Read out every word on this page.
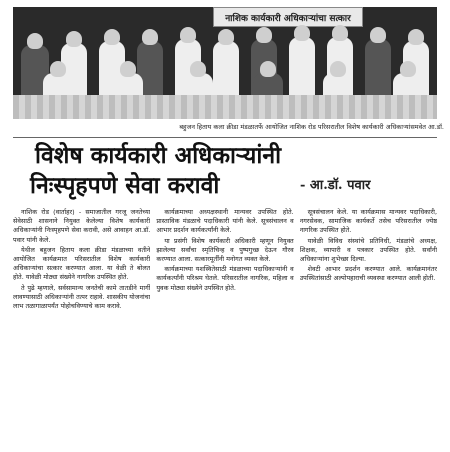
नाशिक कार्यकारी अधिकाऱ्यांचा सत्कार
बहुजन हिताय कला क्रीडा मंडळातर्फे आयोजित नाशिक रोड परिसरातील विशेष कार्यकारी अधिकाऱ्यांसमवेत आ.डॉ.
विशेष कार्यकारी अधिकाऱ्यांनी
निःस्पृहपणे सेवा करावी	- आ.डॉ. पवार

नाशिक रोड (वार्ताहर) - समाजातील गरजू जनतेच्या सेवेसाठी शासनाने नियुक्त केलेल्या विशेष कार्यकारी अधिकाऱ्यांनी निःस्पृहपणे सेवा करावी, असे आवाहन आ.डॉ. पवार यांनी केले.

येथील बहुजन हिताय कला क्रीडा मंडळाच्या वतीने आयोजित कार्यक्रमात परिसरातील विशेष कार्यकारी अधिकाऱ्यांचा सत्कार करण्यात आला. या वेळी ते बोलत होते. यावेळी मोठ्या संख्येने नागरिक उपस्थित होते.

ते पुढे म्हणाले, सर्वसामान्य जनतेची कामे तातडीने मार्गी लावण्यासाठी अधिकाऱ्यांनी तत्पर राहावे. शासकीय योजनांचा लाभ तळागाळापर्यंत पोहोचविण्याचे काम करावे.

कार्यक्रमाच्या अध्यक्षस्थानी मान्यवर उपस्थित होते. प्रास्ताविक मंडळाचे पदाधिकारी यांनी केले. सूत्रसंचालन व आभार प्रदर्शन कार्यकर्त्यांनी केले.

या प्रसंगी विशेष कार्यकारी अधिकारी म्हणून नियुक्त झालेल्या सर्वांचा स्मृतिचिन्ह व पुष्पगुच्छ देऊन गौरव करण्यात आला. सत्कारमूर्तींनी मनोगत व्यक्त केले.

कार्यक्रमाच्या यशस्वितेसाठी मंडळाच्या पदाधिकाऱ्यांनी व कार्यकर्त्यांनी परिश्रम घेतले. परिसरातील नागरिक, महिला व युवक मोठ्या संख्येने उपस्थित होते.

सूत्रसंचालन केले. या कार्यक्रमास मान्यवर पदाधिकारी, नगरसेवक, सामाजिक कार्यकर्ते तसेच परिसरातील ज्येष्ठ नागरिक उपस्थित होते.

यावेळी विविध संस्थांचे प्रतिनिधी, मंडळांचे अध्यक्ष, शिक्षक, व्यापारी व पत्रकार उपस्थित होते. सर्वांनी अधिकाऱ्यांना शुभेच्छा दिल्या.

शेवटी आभार प्रदर्शन करण्यात आले. कार्यक्रमानंतर उपस्थितांसाठी अल्पोपहाराची व्यवस्था करण्यात आली होती.
